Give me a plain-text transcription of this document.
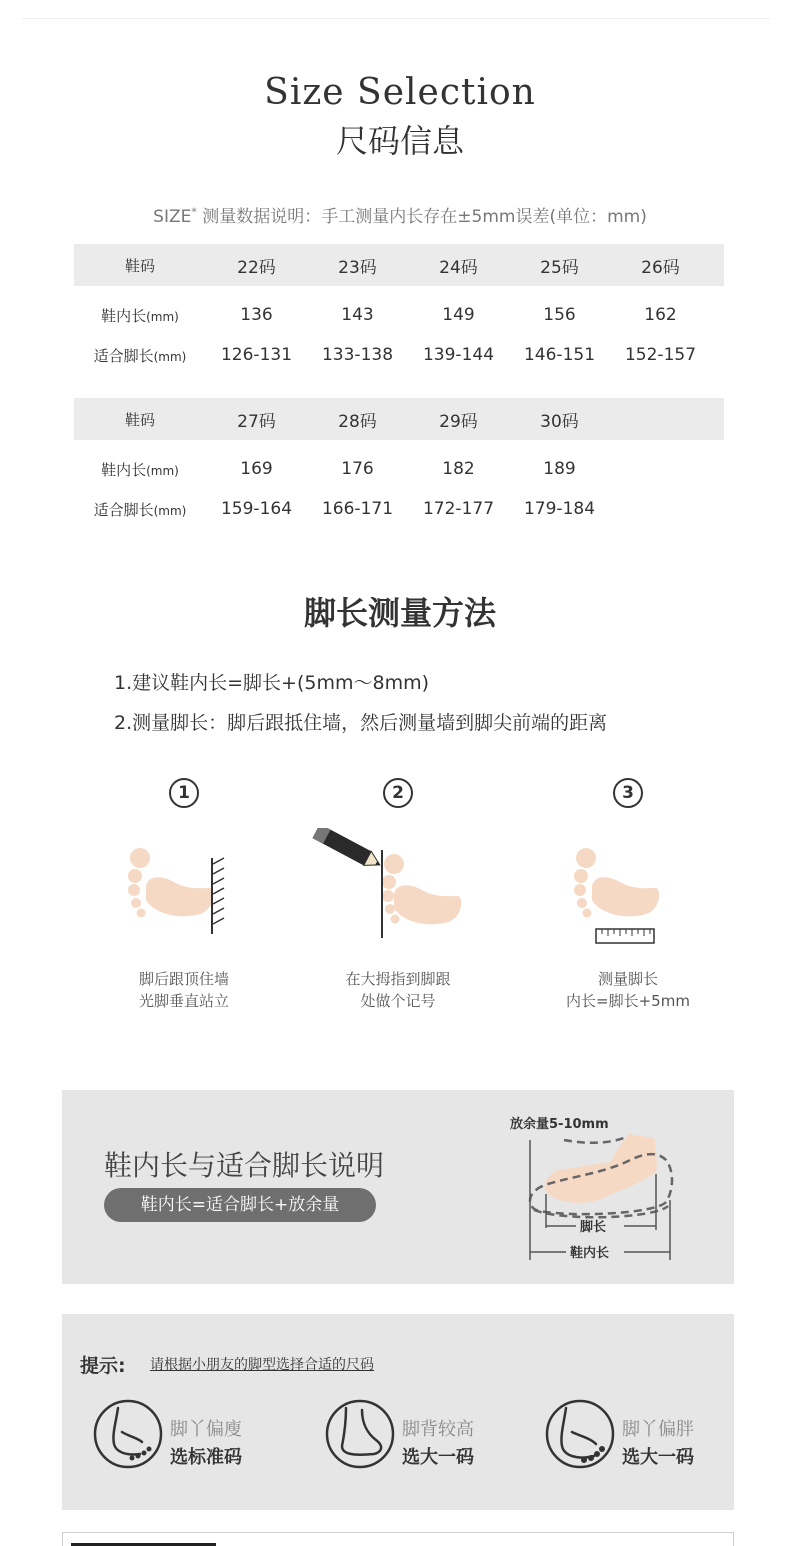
Size Selection
尺码信息
SIZE* 测量数据说明：手工测量内长存在±5mm误差(单位：mm)
鞋码	22码	23码	24码	25码	26码
鞋内长(mm)	136	143	149	156	162
适合脚长(mm)	126-131	133-138	139-144	146-151	152-157
鞋码	27码	28码	29码	30码
鞋内长(mm)	169	176	182	189
适合脚长(mm)	159-164	166-171	172-177	179-184
脚长测量方法
1.建议鞋内长=脚长+(5mm～8mm)
2.测量脚长：脚后跟抵住墙，然后测量墙到脚尖前端的距离
1
脚后跟顶住墙
光脚垂直站立
2
在大拇指到脚跟
处做个记号
3
测量脚长
内长=脚长+5mm
鞋内长与适合脚长说明
鞋内长=适合脚长+放余量
放余量5-10mm
脚长
鞋内长
提示: 请根据小朋友的脚型选择合适的尺码
脚丫偏廋
选标准码
脚背较高
选大一码
脚丫偏胖
选大一码
